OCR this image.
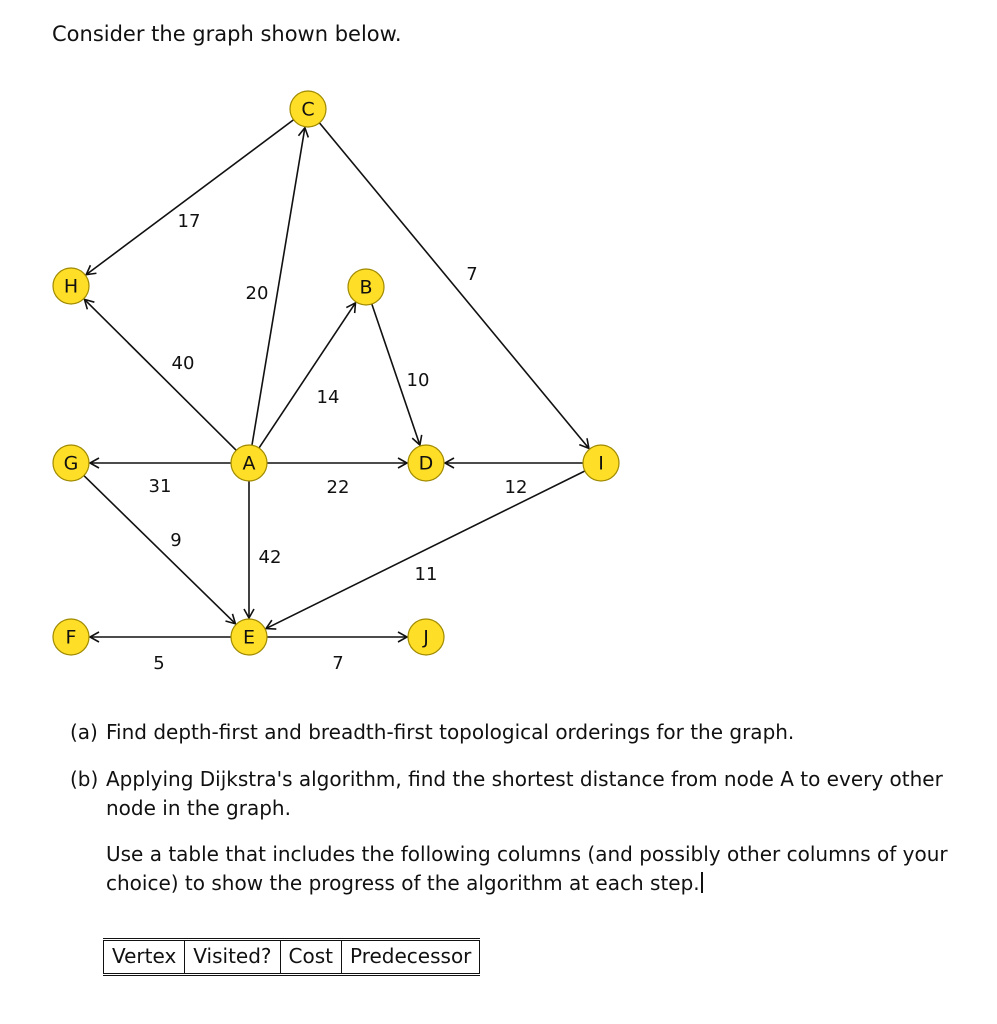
Consider the graph shown below.
17
20
7
40
14
10
31	22	12
9
42
11
5	7
C
H	B
G	A	D	I
F	E	J
(a) Find depth-first and breadth-first topological orderings for the graph.
(b) Applying Dijkstra's algorithm, find the shortest distance from node A to every other node in the graph.
Use a table that includes the following columns (and possibly other columns of your choice) to show the progress of the algorithm at each step.
Vertex	Visited?	Cost	Predecessor
